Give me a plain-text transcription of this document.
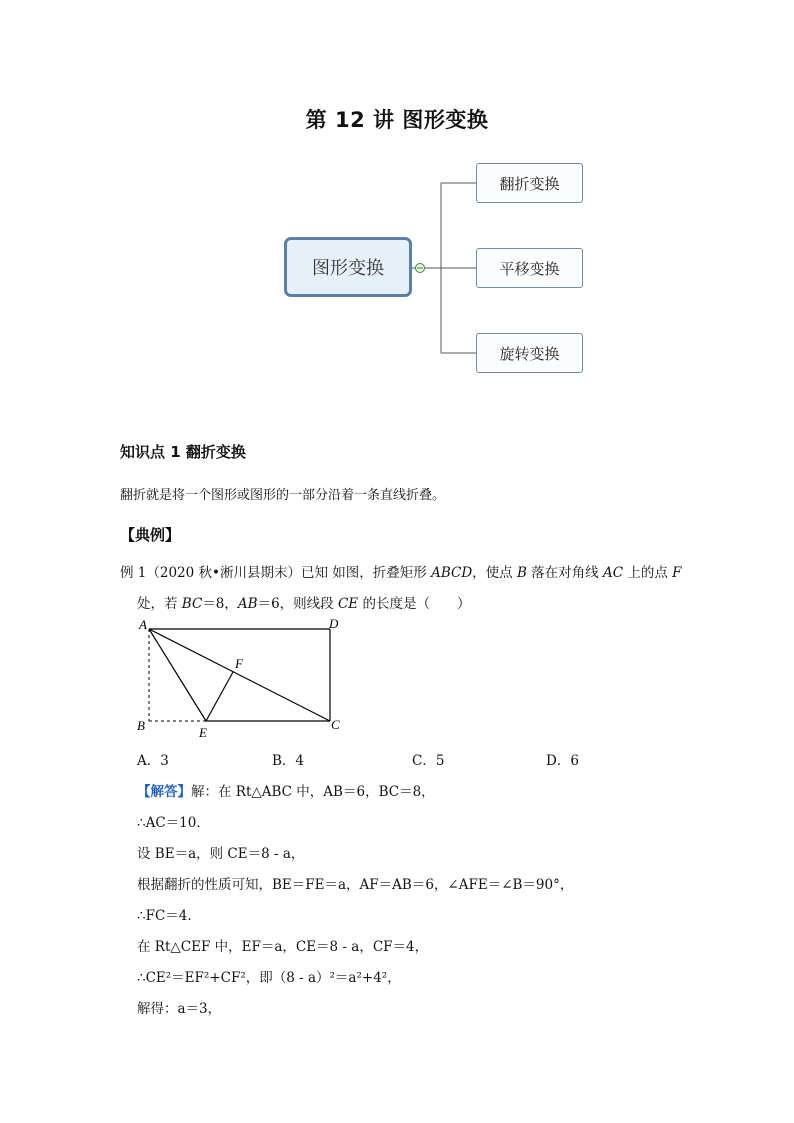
第 12 讲 图形变换
图形变换
翻折变换
平移变换
旋转变换
知识点 1 翻折变换
翻折就是将一个图形或图形的一部分沿着一条直线折叠。
【典例】
例 1（2020 秋•淅川县期末）已知 如图，折叠矩形 ABCD，使点 B 落在对角线 AC 上的点 F
处，若 BC＝8，AB＝6，则线段 CE 的长度是（　　）
A	D
F
B	E
C
A．3	B．4	C．5	D．6
【解答】解：在 Rt△ABC 中，AB＝6，BC＝8，
∴AC＝10．
设 BE＝a，则 CE＝8 - a，
根据翻折的性质可知，BE＝FE＝a，AF＝AB＝6，∠AFE＝∠B＝90°，
∴FC＝4．
在 Rt△CEF 中，EF＝a，CE＝8 - a，CF＝4，
∴CE²＝EF²+CF²，即（8 - a）²＝a²+4²，
解得：a＝3，
